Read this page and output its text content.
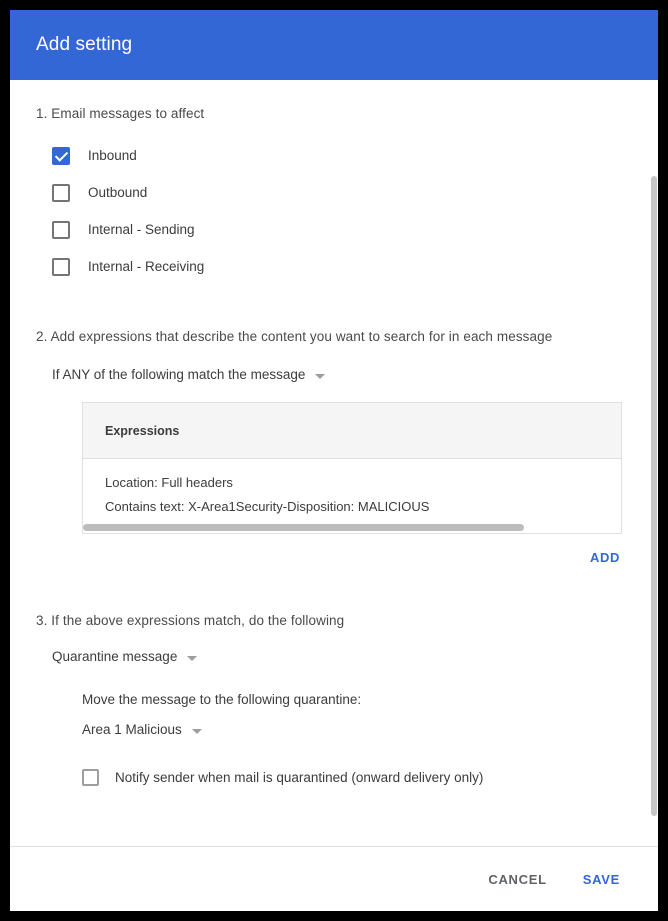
Add setting
1. Email messages to affect
Inbound
Outbound
Internal - Sending
Internal - Receiving
2. Add expressions that describe the content you want to search for in each message
If ANY of the following match the message
Expressions
Location: Full headers
Contains text: X-Area1Security-Disposition: MALICIOUS
ADD
3. If the above expressions match, do the following
Quarantine message
Move the message to the following quarantine:
Area 1 Malicious
Notify sender when mail is quarantined (onward delivery only)
CANCEL	SAVE
